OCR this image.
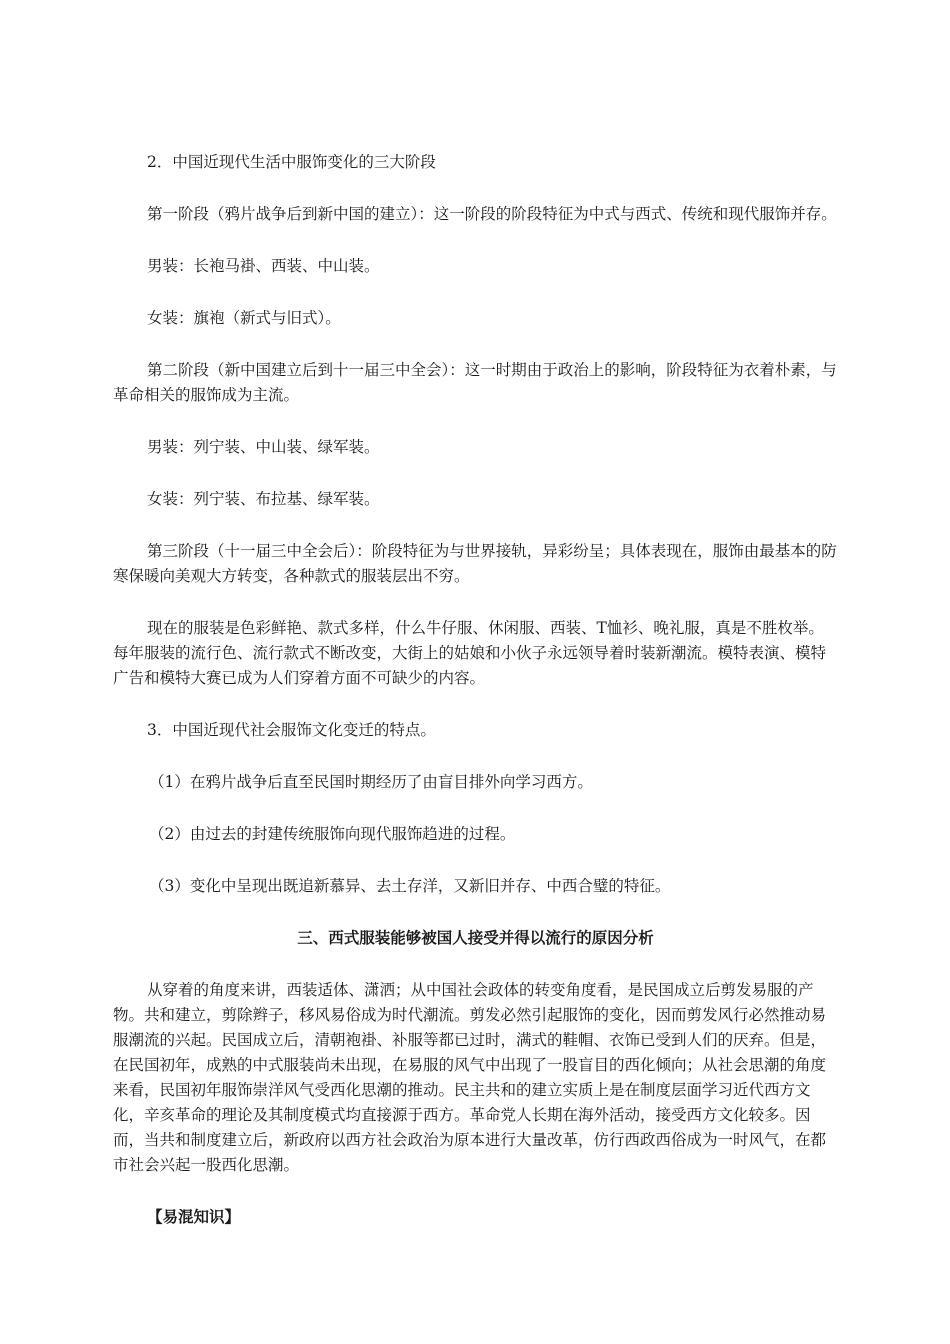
2．中国近现代生活中服饰变化的三大阶段

第一阶段（鸦片战争后到新中国的建立）：这一阶段的阶段特征为中式与西式、传统和现代服饰并存。

男装：长袍马褂、西装、中山装。

女装：旗袍（新式与旧式）。

第二阶段（新中国建立后到十一届三中全会）：这一时期由于政治上的影响，阶段特征为衣着朴素，与革命相关的服饰成为主流。

男装：列宁装、中山装、绿军装。

女装：列宁装、布拉基、绿军装。

第三阶段（十一届三中全会后）：阶段特征为与世界接轨，异彩纷呈；具体表现在，服饰由最基本的防寒保暖向美观大方转变，各种款式的服装层出不穷。

现在的服装是色彩鲜艳、款式多样，什么牛仔服、休闲服、西装、T恤衫、晚礼服，真是不胜枚举。每年服装的流行色、流行款式不断改变，大街上的姑娘和小伙子永远领导着时装新潮流。模特表演、模特广告和模特大赛已成为人们穿着方面不可缺少的内容。

3．中国近现代社会服饰文化变迁的特点。

（1）在鸦片战争后直至民国时期经历了由盲目排外向学习西方。

（2）由过去的封建传统服饰向现代服饰趋进的过程。

（3）变化中呈现出既追新慕异、去土存洋，又新旧并存、中西合璧的特征。

三、西式服装能够被国人接受并得以流行的原因分析

从穿着的角度来讲，西装适体、潇洒；从中国社会政体的转变角度看，是民国成立后剪发易服的产物。共和建立，剪除辫子，移风易俗成为时代潮流。剪发必然引起服饰的变化，因而剪发风行必然推动易服潮流的兴起。民国成立后，清朝袍褂、补服等都已过时，满式的鞋帽、衣饰已受到人们的厌弃。但是，在民国初年，成熟的中式服装尚未出现，在易服的风气中出现了一股盲目的西化倾向；从社会思潮的角度来看，民国初年服饰崇洋风气受西化思潮的推动。民主共和的建立实质上是在制度层面学习近代西方文化，辛亥革命的理论及其制度模式均直接源于西方。革命党人长期在海外活动，接受西方文化较多。因而，当共和制度建立后，新政府以西方社会政治为原本进行大量改革，仿行西政西俗成为一时风气，在都市社会兴起一股西化思潮。

【易混知识】
